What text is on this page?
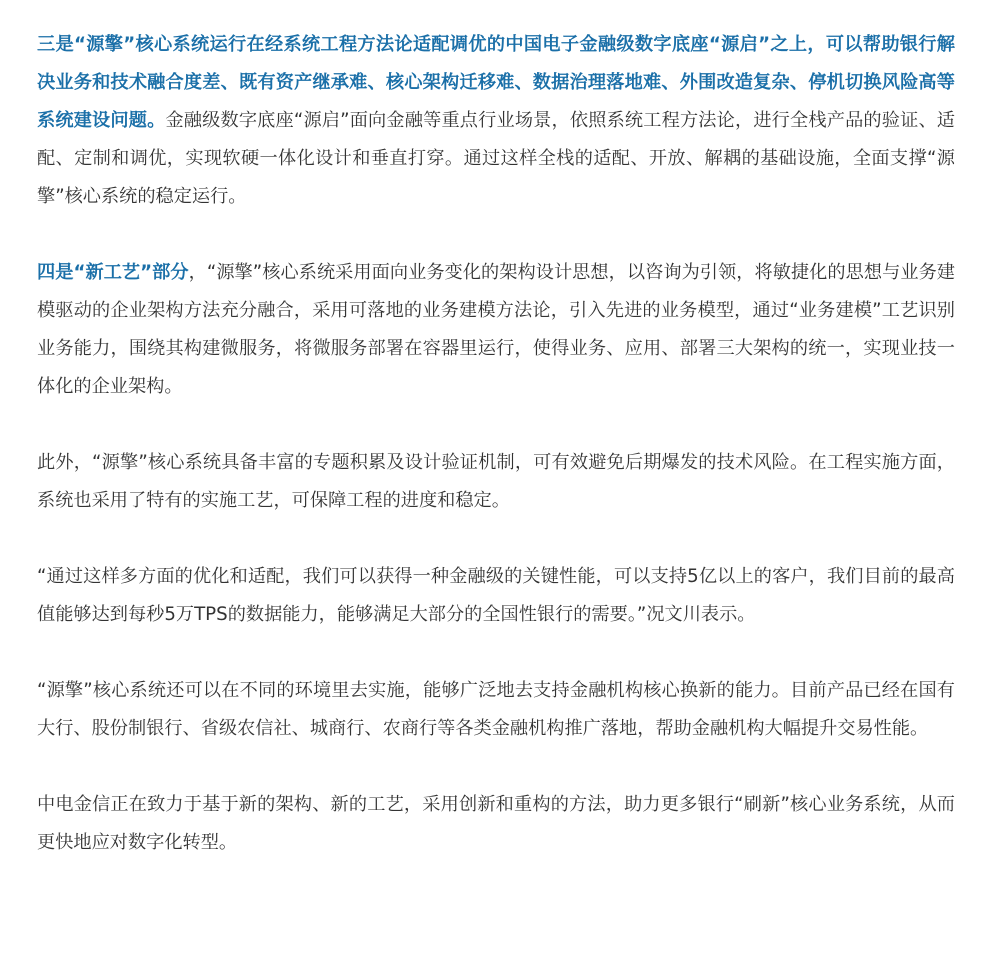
三是“源擎”核心系统运行在经系统工程方法论适配调优的中国电子金融级数字底座“源启”之上，可以帮助银行解决业务和技术融合度差、既有资产继承难、核心架构迁移难、数据治理落地难、外围改造复杂、停机切换风险高等系统建设问题。金融级数字底座“源启”面向金融等重点行业场景，依照系统工程方法论，进行全栈产品的验证、适配、定制和调优，实现软硬一体化设计和垂直打穿。通过这样全栈的适配、开放、解耦的基础设施，全面支撑“源擎”核心系统的稳定运行。

四是“新工艺”部分，“源擎”核心系统采用面向业务变化的架构设计思想，以咨询为引领，将敏捷化的思想与业务建模驱动的企业架构方法充分融合，采用可落地的业务建模方法论，引入先进的业务模型，通过“业务建模”工艺识别业务能力，围绕其构建微服务，将微服务部署在容器里运行，使得业务、应用、部署三大架构的统一，实现业技一体化的企业架构。

此外，“源擎”核心系统具备丰富的专题积累及设计验证机制，可有效避免后期爆发的技术风险。在工程实施方面，系统也采用了特有的实施工艺，可保障工程的进度和稳定。

“通过这样多方面的优化和适配，我们可以获得一种金融级的关键性能，可以支持5亿以上的客户，我们目前的最高值能够达到每秒5万TPS的数据能力，能够满足大部分的全国性银行的需要。”况文川表示。

“源擎”核心系统还可以在不同的环境里去实施，能够广泛地去支持金融机构核心换新的能力。目前产品已经在国有大行、股份制银行、省级农信社、城商行、农商行等各类金融机构推广落地，帮助金融机构大幅提升交易性能。

中电金信正在致力于基于新的架构、新的工艺，采用创新和重构的方法，助力更多银行“刷新”核心业务系统，从而更快地应对数字化转型。
